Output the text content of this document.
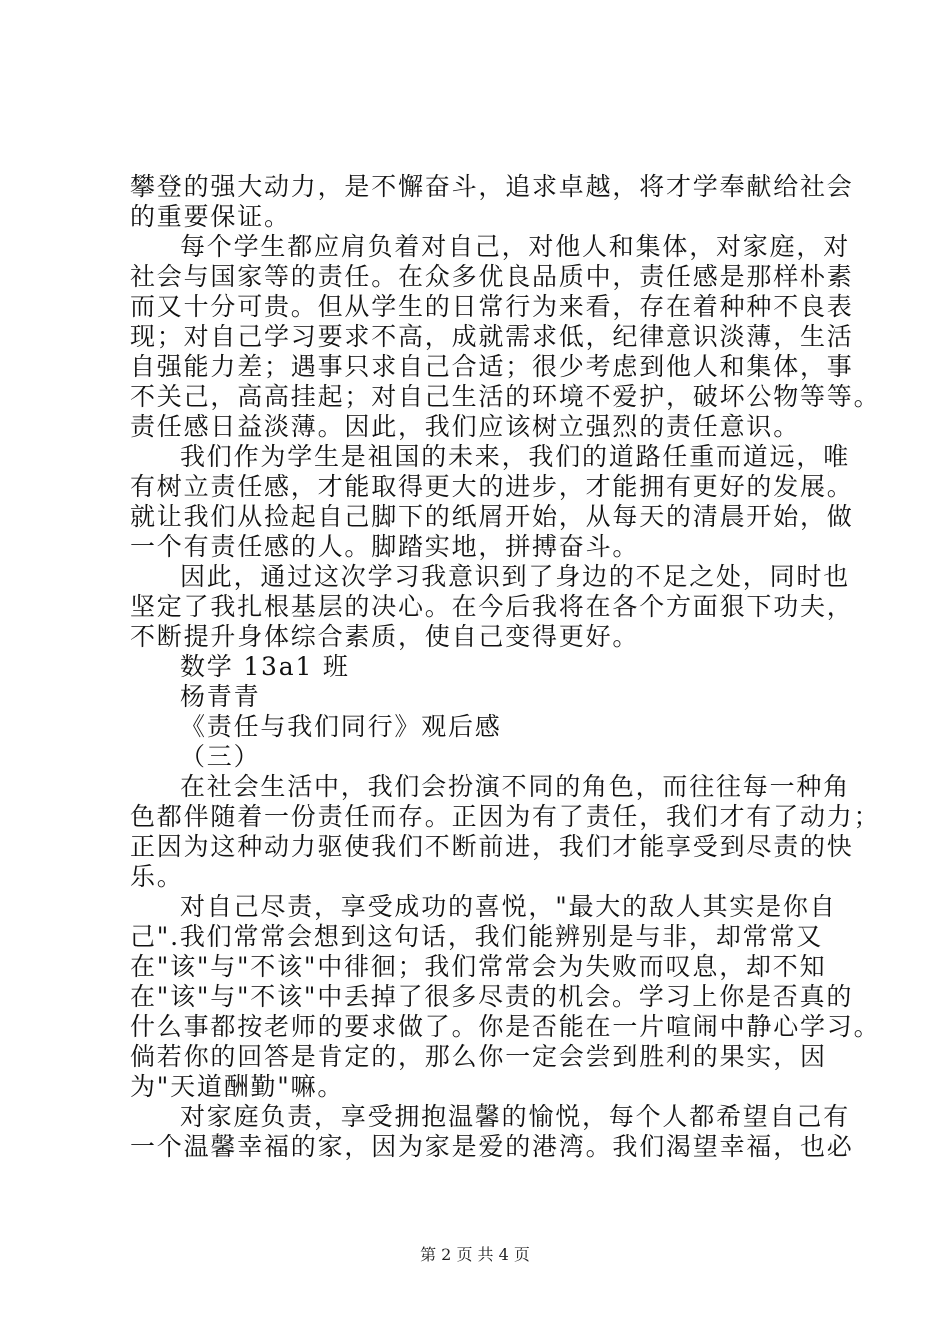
攀登的强大动力，是不懈奋斗，追求卓越，将才学奉献给社会
的重要保证。
每个学生都应肩负着对自己，对他人和集体，对家庭，对
社会与国家等的责任。在众多优良品质中，责任感是那样朴素
而又十分可贵。但从学生的日常行为来看，存在着种种不良表
现；对自己学习要求不高，成就需求低，纪律意识淡薄，生活
自强能力差；遇事只求自己合适；很少考虑到他人和集体，事
不关己，高高挂起；对自己生活的环境不爱护，破坏公物等等。
责任感日益淡薄。因此，我们应该树立强烈的责任意识。
我们作为学生是祖国的未来，我们的道路任重而道远，唯
有树立责任感，才能取得更大的进步，才能拥有更好的发展。
就让我们从捡起自己脚下的纸屑开始，从每天的清晨开始，做
一个有责任感的人。脚踏实地，拼搏奋斗。
因此，通过这次学习我意识到了身边的不足之处，同时也
坚定了我扎根基层的决心。在今后我将在各个方面狠下功夫，
不断提升身体综合素质，使自己变得更好。
数学 13a1 班
杨青青
《责任与我们同行》观后感
（三）
在社会生活中，我们会扮演不同的角色，而往往每一种角
色都伴随着一份责任而存。正因为有了责任，我们才有了动力；
正因为这种动力驱使我们不断前进，我们才能享受到尽责的快
乐。
对自己尽责，享受成功的喜悦，"最大的敌人其实是你自
己".我们常常会想到这句话，我们能辨别是与非，却常常又
在"该"与"不该"中徘徊；我们常常会为失败而叹息，却不知
在"该"与"不该"中丢掉了很多尽责的机会。学习上你是否真的
什么事都按老师的要求做了。你是否能在一片喧闹中静心学习。
倘若你的回答是肯定的，那么你一定会尝到胜利的果实，因
为"天道酬勤"嘛。
对家庭负责，享受拥抱温馨的愉悦，每个人都希望自己有
一个温馨幸福的家，因为家是爱的港湾。我们渴望幸福，也必
第 2 页 共 4 页
